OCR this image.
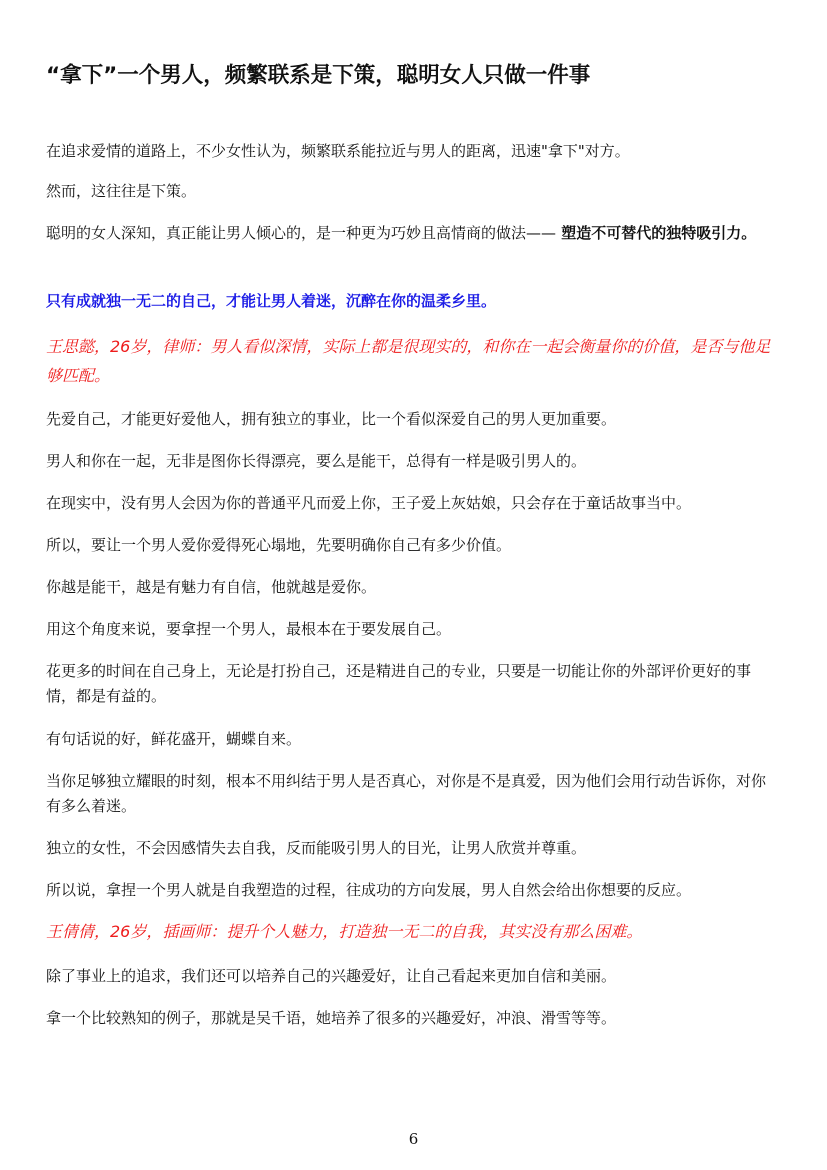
“拿下”一个男人，频繁联系是下策，聪明女人只做一件事

在追求爱情的道路上，不少女性认为，频繁联系能拉近与男人的距离，迅速"拿下"对方。

然而，这往往是下策。

聪明的女人深知，真正能让男人倾心的，是一种更为巧妙且高情商的做法—— 塑造不可替代的独特吸引力。

只有成就独一无二的自己，才能让男人着迷，沉醉在你的温柔乡里。

王思懿，26岁，律师：男人看似深情，实际上都是很现实的，和你在一起会衡量你的价值，是否与他足够匹配。

先爱自己，才能更好爱他人，拥有独立的事业，比一个看似深爱自己的男人更加重要。

男人和你在一起，无非是图你长得漂亮，要么是能干，总得有一样是吸引男人的。

在现实中，没有男人会因为你的普通平凡而爱上你，王子爱上灰姑娘，只会存在于童话故事当中。

所以，要让一个男人爱你爱得死心塌地，先要明确你自己有多少价值。

你越是能干，越是有魅力有自信，他就越是爱你。

用这个角度来说，要拿捏一个男人，最根本在于要发展自己。

花更多的时间在自己身上，无论是打扮自己，还是精进自己的专业，只要是一切能让你的外部评价更好的事情，都是有益的。

有句话说的好，鲜花盛开，蝴蝶自来。

当你足够独立耀眼的时刻，根本不用纠结于男人是否真心，对你是不是真爱，因为他们会用行动告诉你，对你有多么着迷。

独立的女性，不会因感情失去自我，反而能吸引男人的目光，让男人欣赏并尊重。

所以说，拿捏一个男人就是自我塑造的过程，往成功的方向发展，男人自然会给出你想要的反应。

王倩倩，26岁，插画师：提升个人魅力，打造独一无二的自我，其实没有那么困难。

除了事业上的追求，我们还可以培养自己的兴趣爱好，让自己看起来更加自信和美丽。

拿一个比较熟知的例子，那就是吴千语，她培养了很多的兴趣爱好，冲浪、滑雪等等。

6
